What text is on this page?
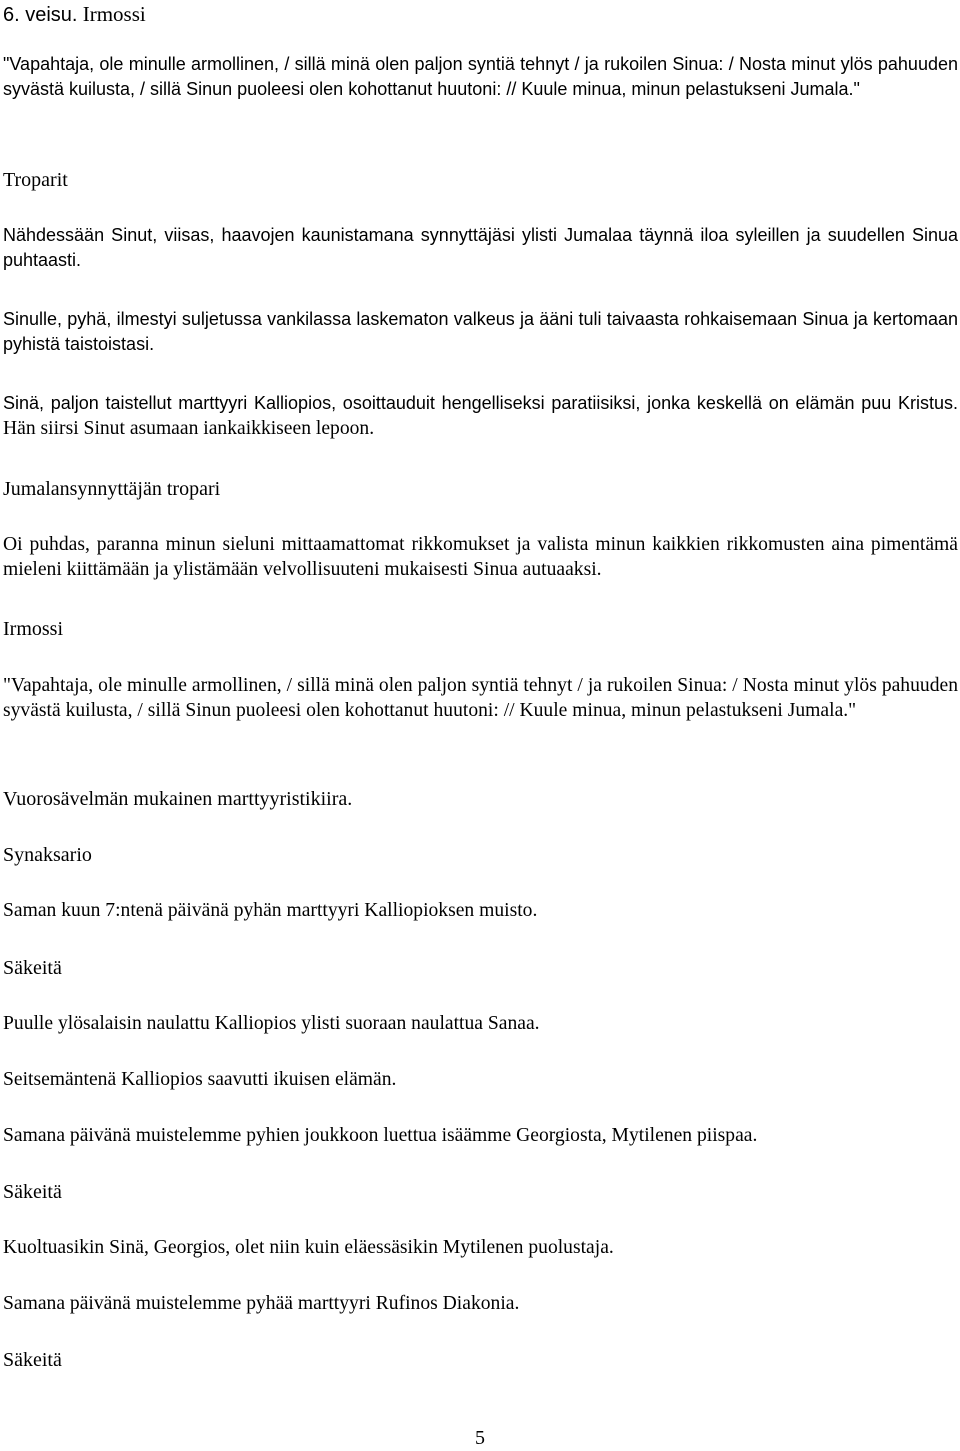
6. veisu. Irmossi

"Vapahtaja, ole minulle armollinen, / sillä minä olen paljon syntiä tehnyt / ja rukoilen Sinua: / Nosta minut ylös pahuuden syvästä kuilusta, / sillä Sinun puoleesi olen kohottanut huutoni: // Kuule minua, minun pelastukseni Jumala."

Troparit

Nähdessään Sinut, viisas, haavojen kaunistamana synnyttäjäsi ylisti Jumalaa täynnä iloa syleillen ja suudellen Sinua puhtaasti.

Sinulle, pyhä, ilmestyi suljetussa vankilassa laskematon valkeus ja ääni tuli taivaasta rohkaisemaan Sinua ja kertomaan pyhistä taistoistasi.

Sinä, paljon taistellut marttyyri Kalliopios, osoittauduit hengelliseksi paratiisiksi, jonka keskellä on elämän puu Kristus. Hän siirsi Sinut asumaan iankaikkiseen lepoon.

Jumalansynnyttäjän tropari

Oi puhdas, paranna minun sieluni mittaamattomat rikkomukset ja valista minun kaikkien rikkomusten aina pimentämä mieleni kiittämään ja ylistämään velvollisuuteni mukaisesti Sinua autuaaksi.

Irmossi

"Vapahtaja, ole minulle armollinen, / sillä minä olen paljon syntiä tehnyt / ja rukoilen Sinua: / Nosta minut ylös pahuuden syvästä kuilusta, / sillä Sinun puoleesi olen kohottanut huutoni: // Kuule minua, minun pelastukseni Jumala."

Vuorosävelmän mukainen marttyyristikiira.
Synaksario

Saman kuun 7:ntenä päivänä pyhän marttyyri Kalliopioksen muisto.

Säkeitä

Puulle ylösalaisin naulattu Kalliopios ylisti suoraan naulattua Sanaa.

Seitsemäntenä Kalliopios saavutti ikuisen elämän.

Samana päivänä muistelemme pyhien joukkoon luettua isäämme Georgiosta, Mytilenen piispaa.

Säkeitä

Kuoltuasikin Sinä, Georgios, olet niin kuin eläessäsikin Mytilenen puolustaja.

Samana päivänä muistelemme pyhää marttyyri Rufinos Diakonia.

Säkeitä
5
